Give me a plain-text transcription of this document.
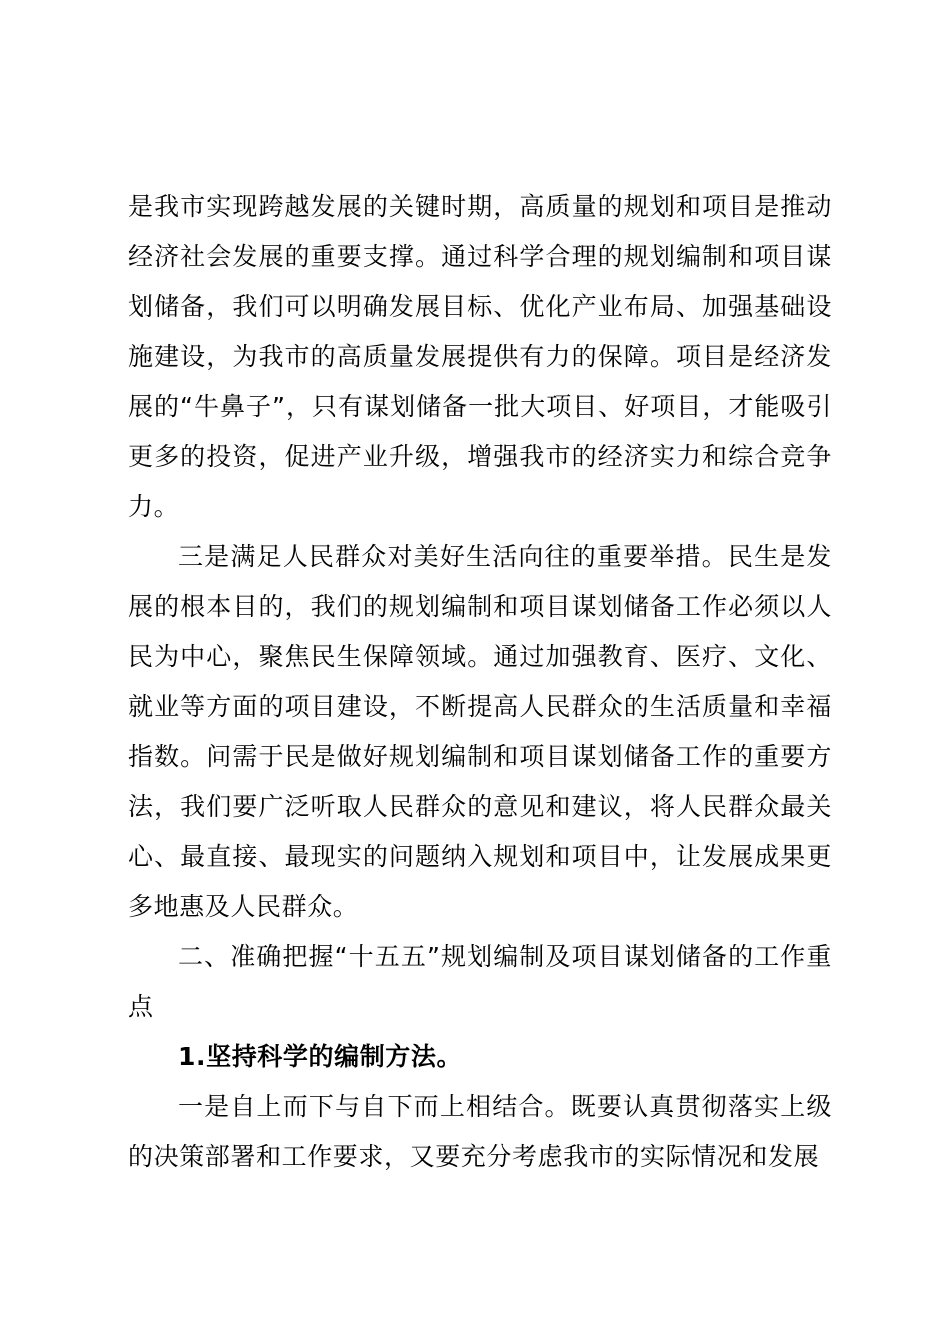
是我市实现跨越发展的关键时期，高质量的规划和项目是推动经济社会发展的重要支撑。通过科学合理的规划编制和项目谋划储备，我们可以明确发展目标、优化产业布局、加强基础设施建设，为我市的高质量发展提供有力的保障。项目是经济发展的“牛鼻子”，只有谋划储备一批大项目、好项目，才能吸引更多的投资，促进产业升级，增强我市的经济实力和综合竞争力。

三是满足人民群众对美好生活向往的重要举措。民生是发展的根本目的，我们的规划编制和项目谋划储备工作必须以人民为中心，聚焦民生保障领域。通过加强教育、医疗、文化、就业等方面的项目建设，不断提高人民群众的生活质量和幸福指数。问需于民是做好规划编制和项目谋划储备工作的重要方法，我们要广泛听取人民群众的意见和建议，将人民群众最关心、最直接、最现实的问题纳入规划和项目中，让发展成果更多地惠及人民群众。

二、准确把握“十五五”规划编制及项目谋划储备的工作重点

1.坚持科学的编制方法。

一是自上而下与自下而上相结合。既要认真贯彻落实上级的决策部署和工作要求，又要充分考虑我市的实际情况和发展
